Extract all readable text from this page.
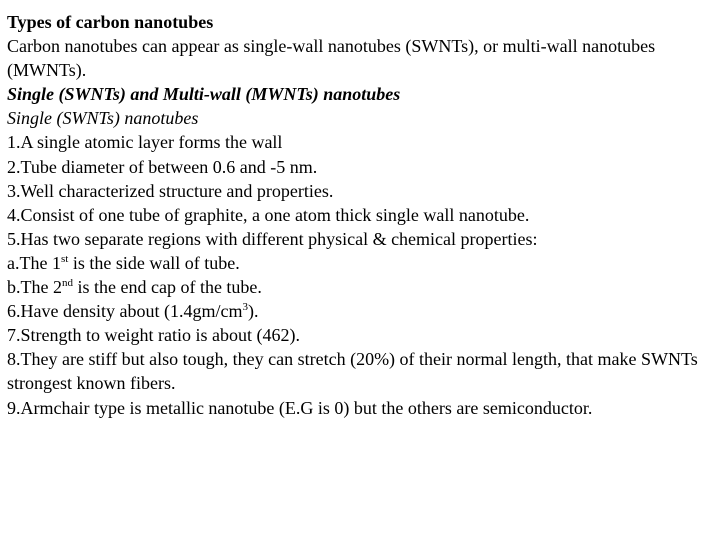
Types of carbon nanotubes
Carbon nanotubes can appear as single-wall nanotubes (SWNTs), or multi-wall nanotubes (MWNTs).
Single (SWNTs) and Multi-wall (MWNTs) nanotubes
Single (SWNTs) nanotubes
1.A single atomic layer forms the wall
2.Tube diameter of between 0.6 and -5 nm.
3.Well characterized structure and properties.
4.Consist of one tube of graphite, a one atom thick single wall nanotube.
5.Has two separate regions with different physical & chemical properties:
a.The 1st is the side wall of tube.
b.The 2nd is the end cap of the tube.
6.Have density about $(1.4gm/cm^3)$.
7.Strength to weight ratio is about (462).
8.They are stiff but also tough, they can stretch (20%) of their normal length, that make SWNTs strongest known fibers.
9.Armchair type is metallic nanotube (E.G is 0) but the others are semiconductor.
